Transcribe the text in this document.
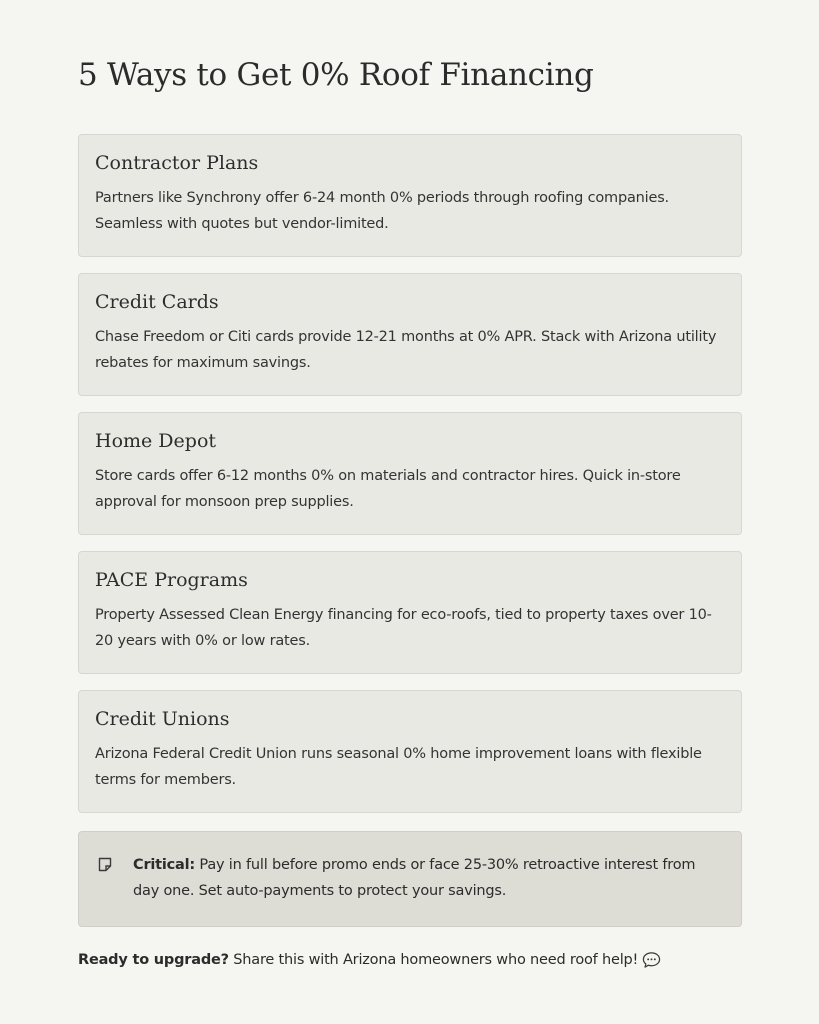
5 Ways to Get 0% Roof Financing
Contractor Plans

Partners like Synchrony offer 6-24 month 0% periods through roofing companies. Seamless with quotes but vendor-limited.

Credit Cards

Chase Freedom or Citi cards provide 12-21 months at 0% APR. Stack with Arizona utility rebates for maximum savings.

Home Depot

Store cards offer 6-12 months 0% on materials and contractor hires. Quick in-store approval for monsoon prep supplies.

PACE Programs

Property Assessed Clean Energy financing for eco-roofs, tied to property taxes over 10-20 years with 0% or low rates.

Credit Unions

Arizona Federal Credit Union runs seasonal 0% home improvement loans with flexible terms for members.

Critical: Pay in full before promo ends or face 25-30% retroactive interest from day one. Set auto-payments to protect your savings.

Ready to upgrade? Share this with Arizona homeowners who need roof help!
